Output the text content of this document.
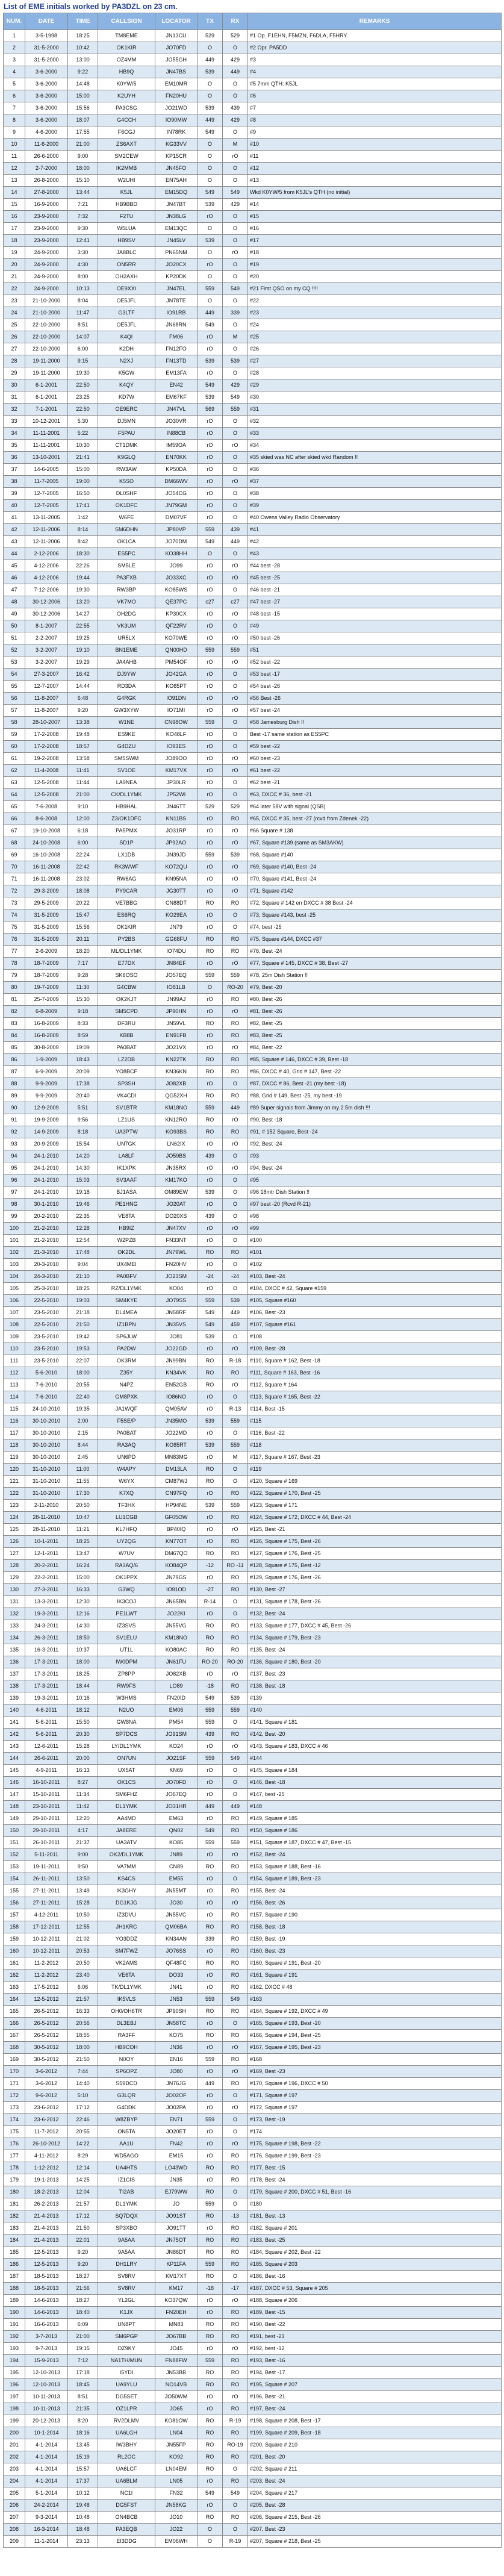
List of EME initials worked by PA3DZL on 23 cm.
NUM.	DATE	TIME	CALLSIGN	LOCATOR	TX	RX	REMARKS
1	3-5-1998	18:25	TM8EME	JN13CU	529	529	#1 Op. F1EHN, F5MZN, F6DLA, F5HRY
2	31-5-2000	10:42	OK1KIR	JO70FD	O	O	#2 Opr. PA5DD
3	31-5-2000	13:00	OZ4MM	JO55GH	449	429	#3
4	3-6-2000	9:22	HB9Q	JN47BS	539	449	#4
5	3-6-2000	14:48	K0YW/5	EM10MR	O	O	#5 7mm QTH: K5JL
6	3-6-2000	15:00	K2UYH	FN20HU	O	O	#6
7	3-6-2000	15:56	PA3CSG	JO21WD	539	439	#7
8	3-6-2000	18:07	G4CCH	IO90MW	449	429	#8
9	4-6-2000	17:55	F6CGJ	IN78RK	549	O	#9
10	11-6-2000	21:00	ZS6AXT	KG33VV	O	M	#10
11	26-6-2000	9:00	SM2CEW	KP15CR	O	rO	#11
12	2-7-2000	18:00	IK2MMB	JN45FO	O	O	#12
13	26-8-2000	15:10	W2UHI	EN75AH	O	O	#13
14	27-8-2000	13:44	K5JL	EM15DQ	549	549	Wkd K0YW/5 from K5JL's QTH (no initial)
15	16-9-2000	7:21	HB9BBD	JN47BT	539	429	#14
16	23-9-2000	7:32	F2TU	JN38LG	rO	O	#15
17	23-9-2000	9:30	W5LUA	EM13QC	O	O	#16
18	23-9-2000	12:41	HB9SV	JN45LV	539	O	#17
19	24-9-2000	3:30	JA8BLC	PN65NM	O	rO	#18
20	24-9-2000	4:30	ON5RR	JO20CX	rO	O	#19
21	24-9-2000	8:00	OH2AXH	KP20DK	O	O	#20
22	24-9-2000	10:13	OE9XXI	JN47EL	559	549	#21 First QSO on my CQ !!!!
23	21-10-2000	8:04	OE5JFL	JN78TE	O	O	#22
24	21-10-2000	11:47	G3LTF	IO91RB	449	339	#23
25	22-10-2000	8:51	OE5JFL	JN68RN	549	O	#24
26	22-10-2000	14:07	K4QI	FM06	rO	M	#25
27	22-10-2000	6:00	K2DH	FN12FO	rO	O	#26
28	19-11-2000	9:15	N2XJ	FN13TD	539	539	#27
29	19-11-2000	19:30	K5GW	EM13FA	rO	O	#28
30	6-1-2001	22:50	K4QY	EN42	549	429	#29
31	6-1-2001	23:25	KD7W	EM67KF	539	549	#30
32	7-1-2001	22:50	OE9ERC	JN47VL	569	559	#31
33	10-12-2001	5:30	DJ5MN	JO30VR	rO	O	#32
34	11-11-2001	5:22	F5PAU	IN88CB	rO	O	#33
35	11-11-2001	10:30	CT1DMK	IM59OA	rO	rO	#34
36	13-10-2001	21:41	K9GLQ	EN70KK	rO	O	#35 skied was NC after skied wkd Random !!
37	14-6-2005	15:00	RW3AW	KP50DA	rO	O	#36
38	11-7-2005	19:00	K5SO	DM66WV	rO	rO	#37
39	12-7-2005	16:50	DL0SHF	JO54CG	rO	O	#38
40	12-7-2005	17:41	OK1DFC	JN79GM	rO	O	#39
41	13-11-2005	1:42	W6FE	DM07VF	rO	O	#40 Owens Valley Radio Observatory
42	12-11-2006	8:14	SM6DHN	JP80VP	559	439	#41
43	12-11-2006	8:42	OK1CA	JO70DM	549	449	#42
44	2-12-2006	18:30	ES5PC	KO38HH	O	O	#43
45	4-12-2006	22:26	SM5LE	JO99	rO	rO	#44 best -28
46	4-12-2006	19:44	PA3FXB	JO33XC	rO	rO	#45 best -25
47	7-12-2006	19:30	RW3BP	KO85WS	rO	O	#46 best -21
48	30-12-2006	13:20	VK7MO	QE37PC	c27	c27	#47 best -27
49	30-12-2006	14:27	OH2DG	KP30CX	rO	rO	#48 best -15
50	8-1-2007	22:55	VK3UM	QF22RV	rO	O	#49
51	2-2-2007	19:25	UR5LX	KO70WE	rO	rO	#50 best -26
52	3-2-2007	19:10	BN1EME	QN00HD	559	559	#51
53	3-2-2007	19:29	JA4AHB	PM54OF	rO	rO	#52 best -22
54	27-3-2007	16:42	DJ9YW	JO42GA	rO	O	#53 best -17
55	12-7-2007	14:44	RD3DA	KO85PT	rO	O	#54 best -26
56	11-8-2007	6:48	G4RGK	IO91DN	rO	rO	#56 Best -26
57	11-8-2007	9:20	GW3XYW	IO71MI	rO	rO	#57 best -24
58	28-10-2007	13:38	W1NE	CN98OW	559	O	#58 Jamesburg Dish !!
59	17-2-2008	19:48	ES9KE	KO48LF	rO	O	Best -17 same station as ES5PC
60	17-2-2008	18:57	G4DZU	IO93ES	rO	O	#59 best -22
61	19-2-2008	13:58	SM5SWM	JO89OO	rO	rO	#60 best -23
62	11-4-2008	11:41	SV1OE	KM17VX	rO	rO	#61 best -22
63	12-5-2008	11:44	LA9NEA	JP30LR	rO	O	#62 best -21
64	12-5-2008	21:00	CK/DL1YMK	JP52WI	rO	O	#63, DXCC # 36, best -21
65	7-6-2008	9:10	HB9HAL	JN46TT	529	529	#64 later 58V with signal (QSB)
66	8-6-2008	12:00	Z3/OK1DFC	KN11BS	rO	RO	#65, DXCC # 35, best -27 (rcvd from Zdenek -22)
67	19-10-2008	6:18	PA5PMX	JO31RP	rO	rO	#66 Square # 138
68	24-10-2008	6:00	SD1P	JP92AO	rO	rO	#67, Square #139 (same as SM3AKW)
69	16-10-2008	22:24	LX1DB	JN39JD	559	539	#68, Square #140
70	16-11-2008	22:42	RK3WWF	KO72QU	rO	rO	#69, Square #140, Best -24
71	16-11-2008	23:02	RW6AG	KN95NA	rO	rO	#70, Square #141, Best -24
72	29-3-2009	18:08	PY9CAR	JG30TT	rO	rO	#71, Square #142
73	29-5-2009	20:22	VE7BBG	CN88DT	RO	RO	#72, Square # 142 en DXCC # 38 Best -24
74	31-5-2009	15:47	ES6RQ	KO29EA	rO	O	#73, Square #143, best -25
75	31-5-2009	15:56	OK1KIR	JN79	rO	O	#74, best -25
76	31-5-2009	20:11	PY2BS	GG68FU	RO	RO	#75, Square #144, DXCC #37
77	2-6-2009	18:20	ML/DL1YMK	IO74DU	RO	RO	#76, Best -24
78	18-7-2009	7:17	E77DX	JN84EF	rO	rO	#77, Square # 145, DXCC # 38, Best -27
79	18-7-2009	9:28	SK6OSO	JO57EQ	559	559	#78, 25m Dish Station !!
80	19-7-2009	11:30	G4CBW	IO81LB	O	RO-20	#79, Best -20
81	25-7-2009	15:30	OK2KJT	JN99AJ	rO	RO	#80, Best -26
82	6-8-2009	9:18	SM5CPD	JP90HN	rO	rO	#81, Best -26
83	16-8-2009	8:33	DF3RU	JN59VL	RO	RO	#82, Best -25
84	16-8-2009	8:59	KB8B	EN91FB	rO	RO	#83, Best -25
85	30-8-2009	19:09	PA0BAT	JO21VX	rO	rO	#84, Best -22
86	1-9-2009	18:43	LZ2DB	KN22TK	RO	RO	#85, Square # 146, DXCC # 39, Best -18
87	6-9-2009	20:09	YO8BCF	KN36KN	RO	RO	#86, DXCC # 40, Grid # 147, Best -22
88	9-9-2009	17:38	SP3SH	JO82XB	rO	O	#87, DXCC # 86, Best -21 (my best -18)
89	9-9-2009	20:40	VK4CDI	QG52XH	RO	RO	#88, Grid # 149, Best -25, my best -19
90	12-9-2009	5:51	SV1BTR	KM18NO	559	449	#89 Super signals from Jimmy on my 2.5m dish !!!
91	19-9-2009	9:56	LZ1US	KN12RO	RO	rO	#90, Best -18
92	14-9-2009	8:18	UA3PTW	KO93BS	RO	RO	#91, # 152 Square, Best -24
93	20-9-2009	15:54	UN7GK	LN62IX	rO	rO	#92, Best -24
94	24-1-2010	14:20	LA8LF	JO59BS	439	O	#93
95	24-1-2010	14:30	IK1XPK	JN35RX	rO	rO	#94, Best -24
96	24-1-2010	15:03	SV3AAF	KM17KO	rO	O	#95
97	24-1-2010	19:18	BJ1ASA	OM89EW	539	O	#96 18mtr Dish Station !!
98	30-1-2010	19:46	PE1HNG	JO20AT	rO	O	#97 best -20 (Rcvd R-21)
99	20-2-2010	22:35	VE8TA	DO20XS	439	O	#98
100	21-2-2010	12:28	HB9IZ	JN47XV	rO	rO	#99
101	21-2-2010	12:54	W2PZB	FN33NT	rO	O	#100
102	21-3-2010	17:48	OK2DL	JN79WL	RO	RO	#101
103	20-3-2010	9:04	UX4MEI	FN20HV	rO	O	#102
104	24-3-2010	21:10	PA0BFV	JO23SM	-24	-24	#103, Best -24
105	25-3-2010	18:25	RZ/DL1YMK	KO04	rO	O	#104, DXCC # 42, Square #159
106	22-5-2010	19:03	SM4KYE	JO79SS	559	539	#105, Square #160
107	23-5-2010	21:18	DL4MEA	JN58RF	549	449	#106, Best -23
108	22-5-2010	21:50	IZ1BPN	JN35VS	549	459	#107, Square #161
109	23-5-2010	19:42	SP6JLW	JO81	539	O	#108
110	23-5-2010	19:53	PA2DW	JO22GD	rO	rO	#109, Best -28
111	23-5-2010	22:07	OK3RM	JN99BN	RO	R-18	#110, Square # 162, Best -18
112	5-6-2010	18:00	Z35Y	KN34VK	RO	RO	#111, Square # 163, Best -16
113	7-6-2010	20:55	N4PZ	EN52GB	RO	rO	#112, Square # 164
114	7-6-2010	22:40	GM8PXK	IO86NO	rO	O	#113, Square # 165, Best -22
115	24-10-2010	19:35	JA1WQF	QM05AV	rO	R-13	#114, Best -15
116	30-10-2010	2:00	F5SE/P	JN35MO	539	559	#115
117	30-10-2010	2:15	PA0BAT	JO22MD	rO	O	#116, Best -22
118	30-10-2010	8:44	RA3AQ	KO85RT	539	559	#118
119	30-10-2010	2:45	UN6PD	MN83MG	rO	M	#117, Square # 167, Best -23
120	31-10-2010	11:00	W4APY	DM13LA	RO	O	#119
121	31-10-2010	11:55	W6YX	CM87WJ	RO	O	#120, Square # 169
122	31-10-2010	17:30	K7XQ	CN97FQ	rO	RO	#122, Square # 170, Best -25
123	2-11-2010	20:50	TF3HX	HP94NE	539	559	#123, Square # 171
124	28-11-2010	10:47	LU1CGB	GF05OW	rO	RO	#124, Square # 172, DXCC # 44, Best -24
125	28-11-2010	11:21	KL7HFQ	BP40IQ	rO	rO	#125, Best -21
126	10-1-2011	18:25	UY2QG	KN77OT	rO	RO	#126, Square # 175, Best -26
127	12-1-2011	13:47	W7UV	DM67QO	RO	RO	#127, Square # 176, Best -25
128	20-2-2011	16:24	RA3AQ/6	KO84QP	-12	RO -11	#128, Square # 175, Best -12
129	22-2-2011	15:00	OK1PPX	JN79GS	rO	RO	#129, Square # 176, Best -26
130	27-3-2011	16:33	G3WQ	IO91OD	-27	RO	#130, Best -27
131	13-3-2011	12:30	IK3COJ	JN65BN	R-14	O	#131, Square # 178, Best -26
132	19-3-2011	12:16	PE1LWT	JO22KI	rO	O	#132, Best -24
133	24-3-2011	14:30	IZ3SVS	JN55VG	RO	RO	#133, Square # 177, DXCC # 45, Best -26
134	26-3-2011	18:50	SV1ELU	KM18NO	RO	RO	#134, Square # 179, Best -23
135	16-3-2011	10:37	UT1L	KO80AC	RO	RO	#135, Best -24
136	17-3-2011	18:00	IW0DPM	JN61FU	RO-20	RO-20	#136, Square # 180, Best -20
137	17-3-2011	18:25	ZP8PP	JO82XB	rO	rO	#137, Best -23
138	17-3-2011	18:44	RW9FS	LO89	-18	RO	#138, Best -18
139	19-3-2011	10:16	W3HMS	FN20ID	549	539	#139
140	4-6-2011	18:12	N2UO	EM06	559	559	#140
141	5-6-2011	15:50	GW8NA	PM54	559	O	#141, Square # 181
142	5-6-2011	20:30	SP7DCS	JO91SM	439	RO	#142, Best -20
143	12-6-2011	15:28	LY/DL1YMK	KO24	rO	rO	#143, Square # 183, DXCC # 46
144	26-6-2011	20:00	ON7UN	JO21SF	559	549	#144
145	4-9-2011	16:13	UX5AT	KN69	rO	O	#145, Square # 184
146	16-10-2011	8:27	OK1CS	JO70FD	rO	O	#146, Best -18
147	15-10-2011	11:34	SM6FHZ	JO67EQ	rO	O	#147, best -25
148	23-10-2011	11:42	DL1YMK	JO31HR	449	449	#148
149	29-10-2011	12:20	AA4MD	EM63	rO	RO	#149, Square # 185
150	29-10-2011	4:17	JA8ERE	QN02	549	RO	#150, Square # 186
151	26-10-2011	21:37	UA3ATV	KO85	559	559	#151, Square # 187, DXCC # 47, Best -15
152	5-11-2011	9:00	OK2/DL1YMK	JN89	rO	rO	#152, Best -24
153	19-11-2011	9:50	VA7MM	CN89	RO	RO	#153, Square # 188, Best -16
154	26-11-2011	13:50	KS4CS	EM55	rO	O	#154, Square # 189, Best -23
155	27-11-2011	13:49	IK3GHY	JN55MT	rO	RO	#155, Best -24
156	27-11-2011	15:28	DG1KJG	JO30	rO	rO	#156, Best -26
157	4-12-2011	10:50	IZ3DVU	JN55VC	rO	RO	#157, Square # 190
158	17-12-2011	12:55	JH1KRC	QM06BA	RO	RO	#158, Best -18
159	10-12-2011	21:02	YO3DDZ	KN34AN	339	RO	#159, Best -19
160	10-12-2011	20:53	SM7FWZ	JO76SS	rO	RO	#160, Best -23
161	11-2-2012	20:50	VK2AMS	QF48FC	RO	RO	#160, Square # 191, Best -20
162	11-2-2012	23:40	VE6TA	DO33	rO	RO	#161, Square # 191
163	17-5-2012	6:06	TK/DL1YMK	JN41	rO	RO	#162, DXCC # 48
164	12-5-2012	21:57	IK5VLS	JN53	559	549	#163
165	26-5-2012	16:33	OH0/OH6TR	JP90SH	RO	RO	#164, Square # 192, DXCC # 49
166	26-5-2012	20:56	DL3EBJ	JN58TC	rO	O	#165, Square # 193, Best -20
167	26-5-2012	18:55	RA3FF	KO75	RO	RO	#166, Square # 194, Best -25
168	30-5-2012	18:00	HB9COH	JN36	rO	rO	#167, Square # 195, Best -23
169	30-5-2012	21:50	N0OY	EN16	559	RO	#168
170	3-6-2012	7:44	SP6OPZ	JO80	rO	rO	#169, Best -23
171	3-6-2012	14:40	S59DCD	JN76JG	449	RO	#170, Square # 196, DXCC # 50
172	9-6-2012	5:10	G3LQR	JO02OF	rO	O	#171, Square # 197
173	23-6-2012	17:12	G4DDK	JO02PA	rO	rO	#172, Square # 197
174	23-6-2012	22:46	W8ZBYP	EN71	559	O	#173, Best -19
175	11-7-2012	20:55	ON5TA	JO20ET	rO	O	#174
176	26-10-2012	14:22	AA1U	FN42	rO	rO	#175, Square # 198, Best -22
177	4-11-2012	8:29	WD5AGO	EM15	rO	RO	#176, Square # 199, Best -23
178	1-12-2012	12:14	UA4HTS	LO43WD	RO	RO	#177, Best -15
179	19-1-2013	14:25	IZ1CIS	JN35	rO	RO	#178, Best -24
180	18-2-2013	12:04	TI2AB	EJ79WW	RO	O	#179, Square # 200, DXCC # 51, Best -16
181	26-2-2013	21:57	DL1YMK	JO	559	O	#180
182	21-4-2013	17:12	SQ7DQX	JO91ST	RO	-13	#181, Best -13
183	21-4-2013	21:50	SP3XBO	JO91TT	rO	RO	#182, Square # 201
184	21-4-2013	22:01	9A5AA	JN75OT	RO	RO	#183, Best -25
185	12-5-2013	9:20	9A5AA	JN86DT	RO	RO	#184, Square # 202, Best -22
186	12-5-2013	9:20	DH1LRY	KP11FA	559	RO	#185, Square # 203
187	18-5-2013	18:27	SV8RV	KM17XT	RO	O	#186, Best -16
188	18-5-2013	21:56	SV8RV	KM17	-18	-17	#187, DXCC # 53, Square # 205
189	14-6-2013	18:27	YL2GL	KO37QW	rO	rO	#188, Square # 206
190	14-6-2013	18:40	K1JX	FN20EH	rO	RO	#189, Best -15
191	16-6-2013	6:09	UN8PT	MN83	RO	RO	#190, Best -22
192	3-7-2013	21:00	SM6PGP	JO67BB	RO	RO	#191, best -23
193	9-7-2013	19:15	OZ9KY	JO45	rO	rO	#192, best -12
194	15-9-2013	7:12	NA1TH/MUN	FN88FW	559	RO	#193, Best -16
195	12-10-2013	17:18	I5YDI	JN53BB	RO	RO	#194, Best -17
196	12-10-2013	18:45	UA9YLU	NO14VB	RO	RO	#195, Square # 207
197	10-11-2013	8:51	DG5SET	JO50WM	rO	rO	#196, Best -21
198	10-11-2013	21:35	OZ1LPR	JO65	rO	RO	#197, Best -24
199	20-12-2013	8:20	RV2DLMV	KO81OW	RO	R-19	#198, Square # 208, Best -17
200	10-1-2014	18:16	UA6LGH	LN04	RO	RO	#199, Square # 209, Best -18
201	4-1-2014	13:45	IW3BHY	JN55FP	RO	RO-19	#200, Square # 210
202	4-1-2014	15:19	RL2OC	KO92	RO	RO	#201, Best -20
203	4-1-2014	15:57	UA6LCF	LN04EM	RO	O	#202, Square # 211
204	4-1-2014	17:37	UA6BLM	LN05	rO	RO	#203, Best -24
205	5-1-2014	10:12	NC1I	FN32	549	549	#204, Square # 217
206	24-2-2014	19:48	DG5FST	JN58KG	rO	O	#205, Best -28
207	9-3-2014	10:48	ON4BCB	JO10	RO	RO	#206, Square # 215, Best -26
208	16-3-2014	18:48	PA3EQB	JO22	O	O	#207, Best -23
209	11-1-2014	23:13	EI3DDG	EM06WH	O	R-19	#207, Square # 218, Best -25
